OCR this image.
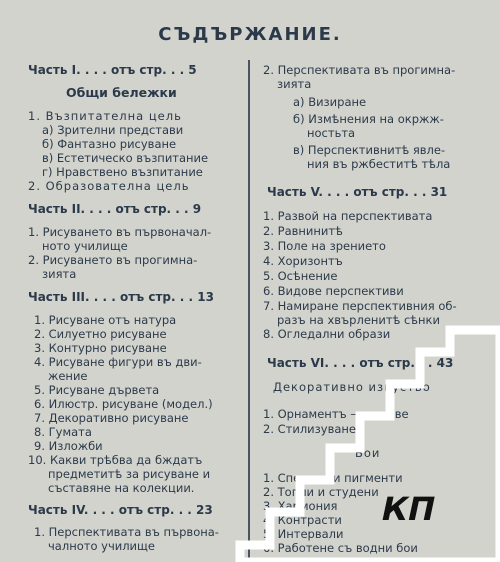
СЪДЪРЖАНИЕ.
Часть I. . . . отъ стр. . . 5
Общи бележки
1. Възпитателна цель
а) Зрителни представи
б) Фантазно рисуване
в) Естетическо възпитание
г) Нравствено възпитание
2. Образователна цель
Часть II. . . . отъ стр. . . 9
1. Рисуването въ първоначал-
ното училище
2. Рисуването въ прогимна-
зията
Часть III. . . . отъ стр. . . 13
1. Рисуване отъ натура
2. Силуетно рисуване
3. Контурно рисуване
4. Рисуване фигури въ дви-
жение
5. Рисуване дървета
6. Илюстр. рисуване (модел.)
7. Декоративно рисуване
8. Гумата
9. Изложби
10. Какви трѣбва да бждатъ
предметитѣ за рисуване и
съставяне на колекции.
Часть IV. . . . отъ стр. . . 23
1. Перспективата въ първона-
чалното училище
2. Перспективата въ прогимна-
зията
а) Визиране
б) Измѣнения на окржж-
ностьта
в) Перспективнитѣ явле-
ния въ ржбеститѣ тѣла
Часть V. . . . отъ стр. . . 31
1. Развой на перспективата
2. Равнинитѣ
3. Поле на зрението
4. Хоризонтъ
5. Осѣнение
6. Видове перспективи
7. Намиране перспективния об-
разъ на хвърленитѣ сѣнки
8. Огледални образи
Часть VI. . . . отъ стр. . . 43
Декоративно изкуство
1. Орнаментъ — видове
2. Стилизуване
Бои
1. Спектръ и пигменти
2. Топли и студени
3. Хармония
4. Контрасти
5. Интервали
6. Работене съ водни бои
КП
